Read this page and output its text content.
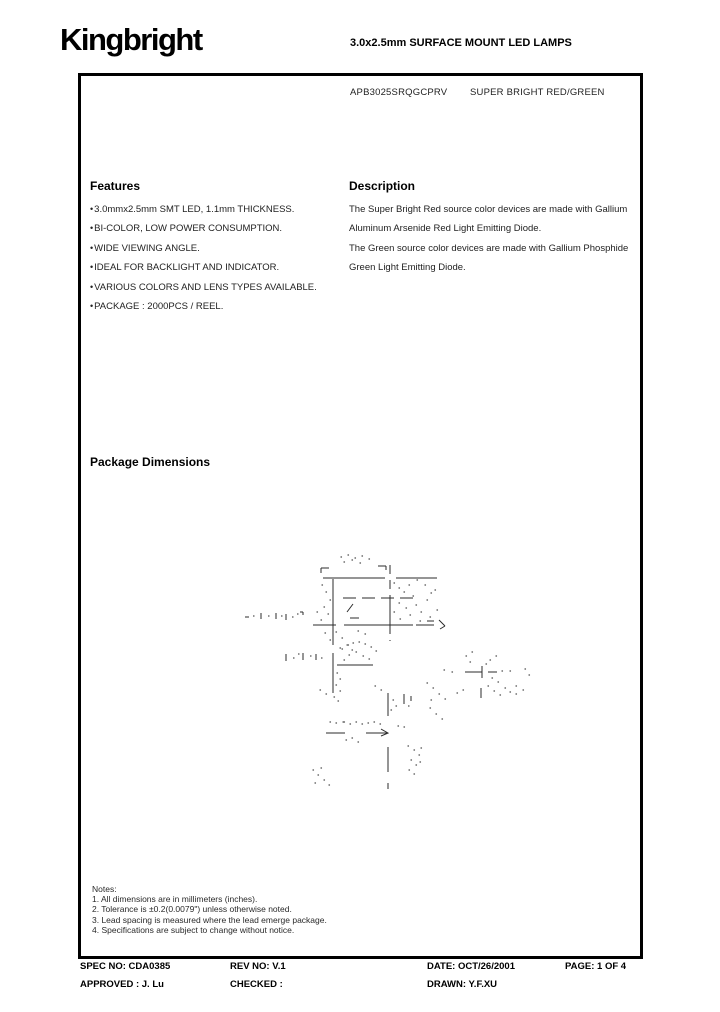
Kingbright	3.0x2.5mm SURFACE MOUNT LED LAMPS
APB3025SRQGCPRV SUPER BRIGHT RED/GREEN
Features
• 3.0mmx2.5mm SMT LED, 1.1mm THICKNESS.
• BI-COLOR, LOW POWER CONSUMPTION.
• WIDE VIEWING ANGLE.
• IDEAL FOR BACKLIGHT AND INDICATOR.
• VARIOUS COLORS AND LENS TYPES AVAILABLE.
• PACKAGE : 2000PCS / REEL.
Description
The Super Bright Red source color devices are made with Gallium
Aluminum Arsenide Red Light Emitting Diode.
The Green source color devices are made with Gallium Phosphide
Green Light Emitting Diode.
Package Dimensions
Notes:
1. All dimensions are in millimeters (inches).
2. Tolerance is ±0.2(0.0079") unless otherwise noted.
3. Lead spacing is measured where the lead emerge package.
4. Specifications are subject to change without notice.
SPEC NO: CDA0385	REV NO: V.1	DATE: OCT/26/2001	PAGE: 1 OF 4
APPROVED : J. Lu	CHECKED :	DRAWN: Y.F.XU
